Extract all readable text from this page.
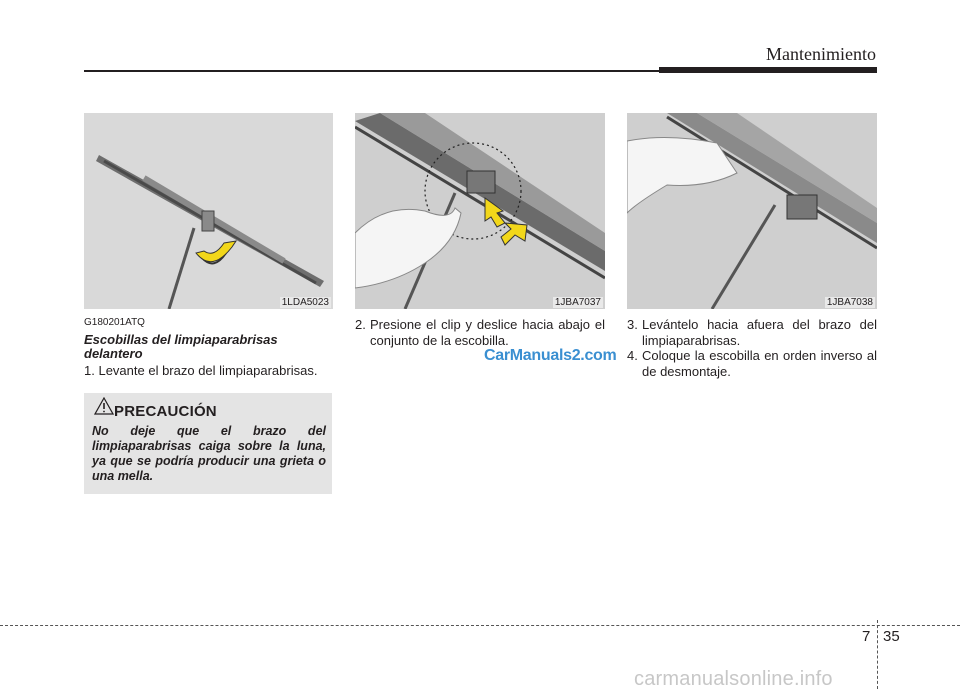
Mantenimiento
1LDA5023	1JBA7037	1JBA7038
G180201ATQ
Escobillas del limpiaparabrisas delantero
1. Levante el brazo del limpiaparabrisas.
2. Presione el clip y deslice hacia abajo el conjunto de la escobilla.
3. Levántelo hacia afuera del brazo del limpiaparabrisas.
4. Coloque la escobilla en orden inverso al de desmontaje.
PRECAUCIÓN
No deje que el brazo del limpiaparabrisas caiga sobre la luna, ya que se podría producir una grieta o una mella.
CarManuals2.com
7 35
carmanualsonline.info
